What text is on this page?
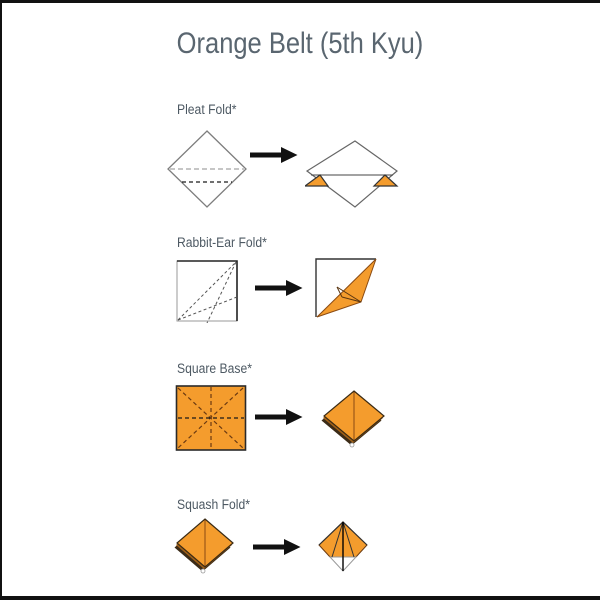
Orange Belt (5th Kyu)
Pleat Fold*
Rabbit-Ear Fold*
Square Base*
Squash Fold*
